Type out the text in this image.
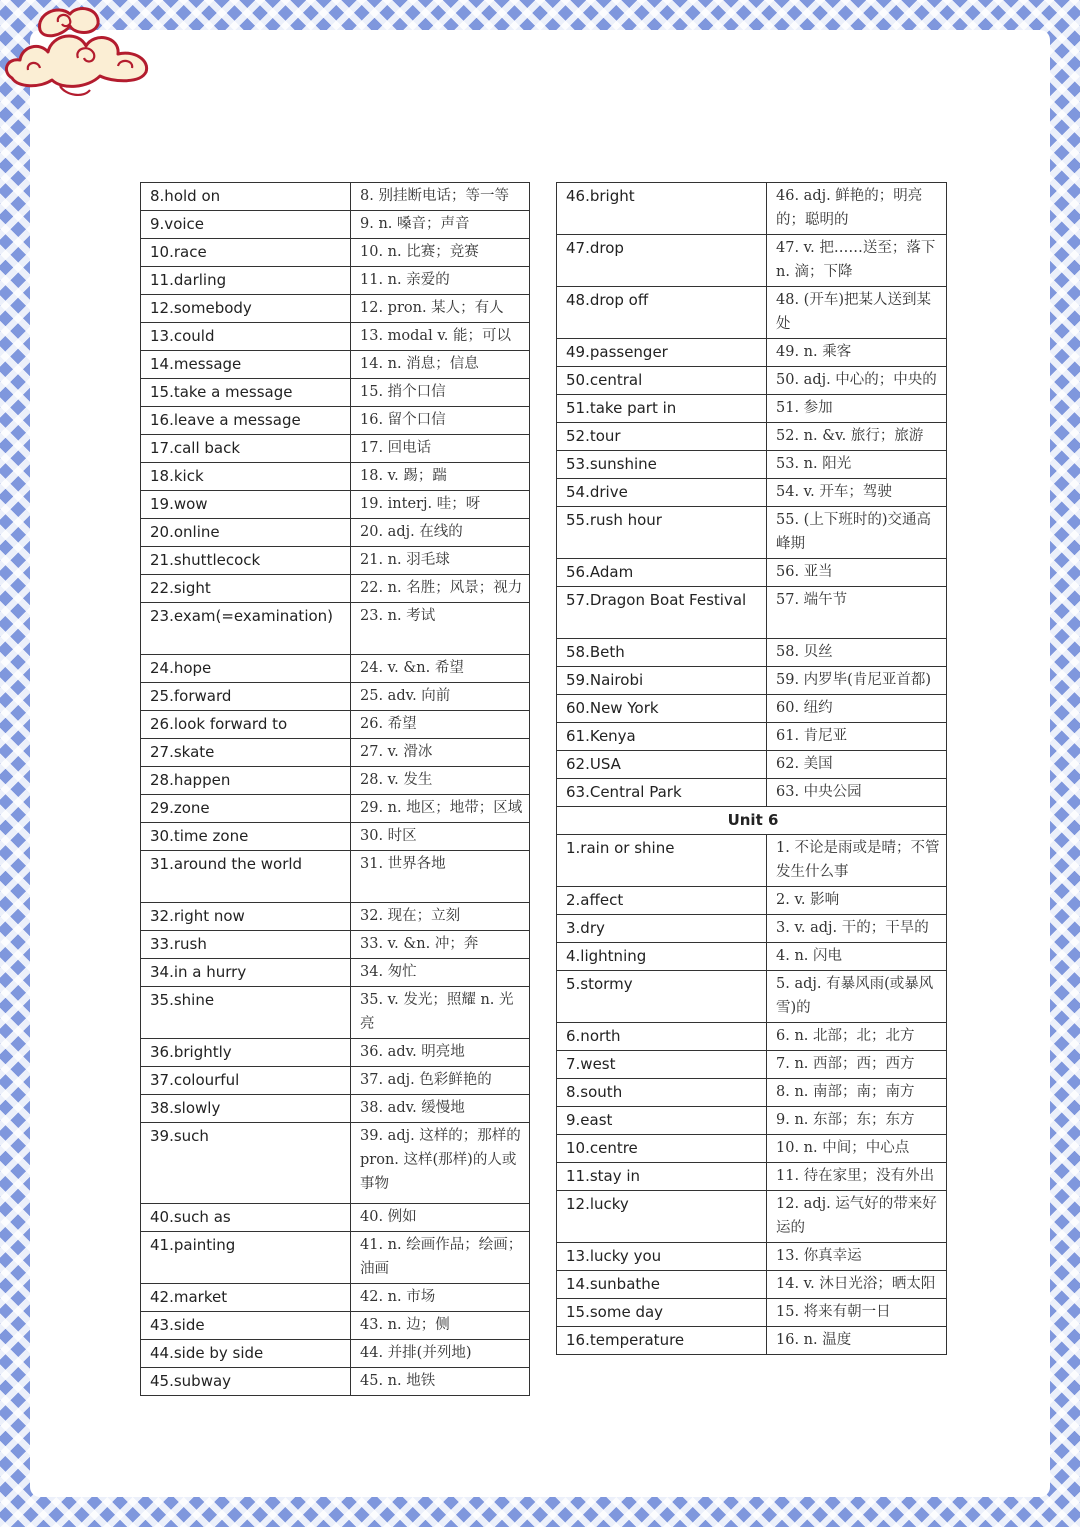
8.hold on	8. 别挂断电话；等一等
9.voice	9. n. 嗓音；声音
10.race	10. n. 比赛；竞赛
11.darling	11. n. 亲爱的
12.somebody	12. pron. 某人；有人
13.could	13. modal v. 能；可以
14.message	14. n. 消息；信息
15.take a message	15. 捎个口信
16.leave a message	16. 留个口信
17.call back	17. 回电话
18.kick	18. v. 踢；踹
19.wow	19. interj. 哇；呀
20.online	20. adj. 在线的
21.shuttlecock	21. n. 羽毛球
22.sight	22. n. 名胜；风景；视力
23.exam(=examination)	23. n. 考试
24.hope	24. v. &n. 希望
25.forward	25. adv. 向前
26.look forward to	26. 希望
27.skate	27. v. 滑冰
28.happen	28. v. 发生
29.zone	29. n. 地区；地带；区域
30.time zone	30. 时区
31.around the world	31. 世界各地
32.right now	32. 现在；立刻
33.rush	33. v. &n. 冲；奔
34.in a hurry	34. 匆忙
35.shine	35. v. 发光；照耀 n. 光亮
36.brightly	36. adv. 明亮地
37.colourful	37. adj. 色彩鲜艳的
38.slowly	38. adv. 缓慢地
39.such	39. adj. 这样的；那样的 pron. 这样(那样)的人或事物
40.such as	40. 例如
41.painting	41. n. 绘画作品；绘画；油画
42.market	42. n. 市场
43.side	43. n. 边；侧
44.side by side	44. 并排(并列地)
45.subway	45. n. 地铁
46.bright	46. adj. 鲜艳的；明亮的；聪明的
47.drop	47. v. 把……送至；落下 n. 滴；下降
48.drop off	48. (开车)把某人送到某处
49.passenger	49. n. 乘客
50.central	50. adj. 中心的；中央的
51.take part in	51. 参加
52.tour	52. n. &v. 旅行；旅游
53.sunshine	53. n. 阳光
54.drive	54. v. 开车；驾驶
55.rush hour	55. (上下班时的)交通高峰期
56.Adam	56. 亚当
57.Dragon Boat Festival	57. 端午节
58.Beth	58. 贝丝
59.Nairobi	59. 内罗毕(肯尼亚首都)
60.New York	60. 纽约
61.Kenya	61. 肯尼亚
62.USA	62. 美国
63.Central Park	63. 中央公园
Unit 6	
1.rain or shine	1. 不论是雨或是晴；不管发生什么事
2.affect	2. v. 影响
3.dry	3. v. adj. 干的；干旱的
4.lightning	4. n. 闪电
5.stormy	5. adj. 有暴风雨(或暴风雪)的
6.north	6. n. 北部；北；北方
7.west	7. n. 西部；西；西方
8.south	8. n. 南部；南；南方
9.east	9. n. 东部；东；东方
10.centre	10. n. 中间；中心点
11.stay in	11. 待在家里；没有外出
12.lucky	12. adj. 运气好的带来好运的
13.lucky you	13. 你真幸运
14.sunbathe	14. v. 沐日光浴；晒太阳
15.some day	15. 将来有朝一日
16.temperature	16. n. 温度
